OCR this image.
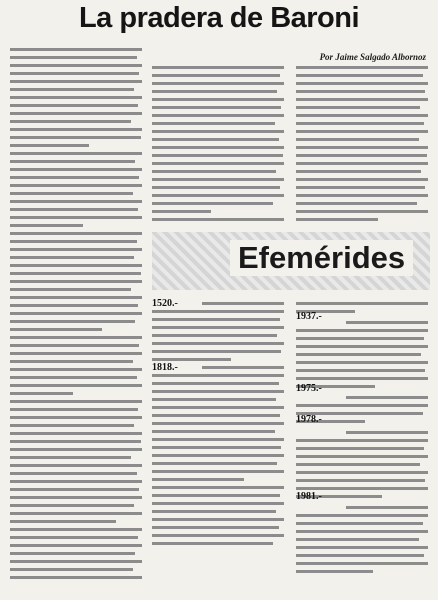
La pradera de Baroni

Por Jaime Salgado Albornoz

Efemérides
1520.-
1818.-
1937.-
1975.-
1978.-
1981.-
